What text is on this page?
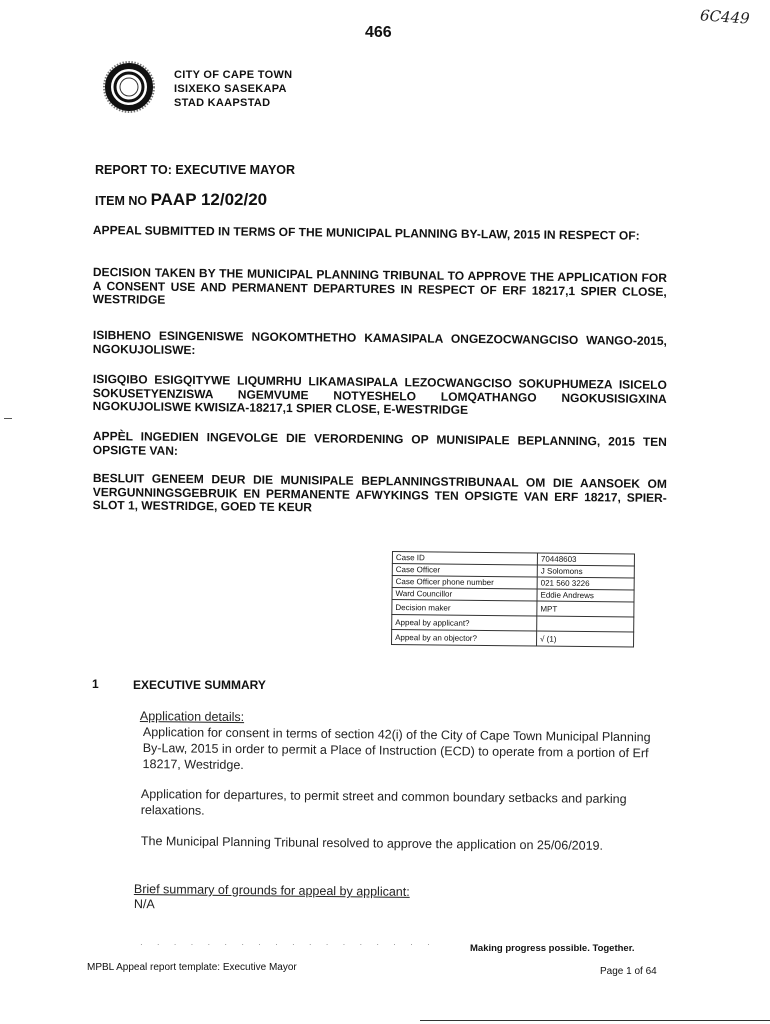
466
6C449
CITY OF CAPE TOWN
ISIXEKO SASEKAPA
STAD KAAPSTAD
REPORT TO: EXECUTIVE MAYOR
ITEM NO PAAP 12/02/20
APPEAL SUBMITTED IN TERMS OF THE MUNICIPAL PLANNING BY-LAW, 2015 IN RESPECT OF:
DECISION TAKEN BY THE MUNICIPAL PLANNING TRIBUNAL TO APPROVE THE APPLICATION FOR A CONSENT USE AND PERMANENT DEPARTURES IN RESPECT OF ERF 18217,1 SPIER CLOSE, WESTRIDGE
ISIBHENO ESINGENISWE NGOKOMTHETHO KAMASIPALA ONGEZOCWANGCISO WANGO-2015, NGOKUJOLISWE:
ISIGQIBO ESIGQITYWE LIQUMRHU LIKAMASIPALA LEZOCWANGCISO SOKUPHUMEZA ISICELO SOKUSETYENZISWA NGEMVUME NOTYESHELO LOMQATHANGO NGOKUSISIGXINA NGOKUJOLISWE KWISIZA-18217,1 SPIER CLOSE, E-WESTRIDGE
APPÈL INGEDIEN INGEVOLGE DIE VERORDENING OP MUNISIPALE BEPLANNING, 2015 TEN OPSIGTE VAN:
BESLUIT GENEEM DEUR DIE MUNISIPALE BEPLANNINGSTRIBUNAAL OM DIE AANSOEK OM VERGUNNINGSGEBRUIK EN PERMANENTE AFWYKINGS TEN OPSIGTE VAN ERF 18217, SPIER-SLOT 1, WESTRIDGE, GOED TE KEUR
Case ID	70448603
Case Officer	J Solomons
Case Officer phone number	021 560 3226
Ward Councillor	Eddie Andrews
Decision maker	MPT
Appeal by applicant?	
Appeal by an objector?	√ (1)
1	EXECUTIVE SUMMARY
Application details:
Application for consent in terms of section 42(i) of the City of Cape Town Municipal Planning By-Law, 2015 in order to permit a Place of Instruction (ECD) to operate from a portion of Erf 18217, Westridge.
Application for departures, to permit street and common boundary setbacks and parking relaxations.
The Municipal Planning Tribunal resolved to approve the application on 25/06/2019.
Brief summary of grounds for appeal by applicant:
N/A
· · · · · · · · · · · · · · · · · ·	Making progress possible. Together.
MPBL Appeal report template: Executive Mayor	Page 1 of 64
